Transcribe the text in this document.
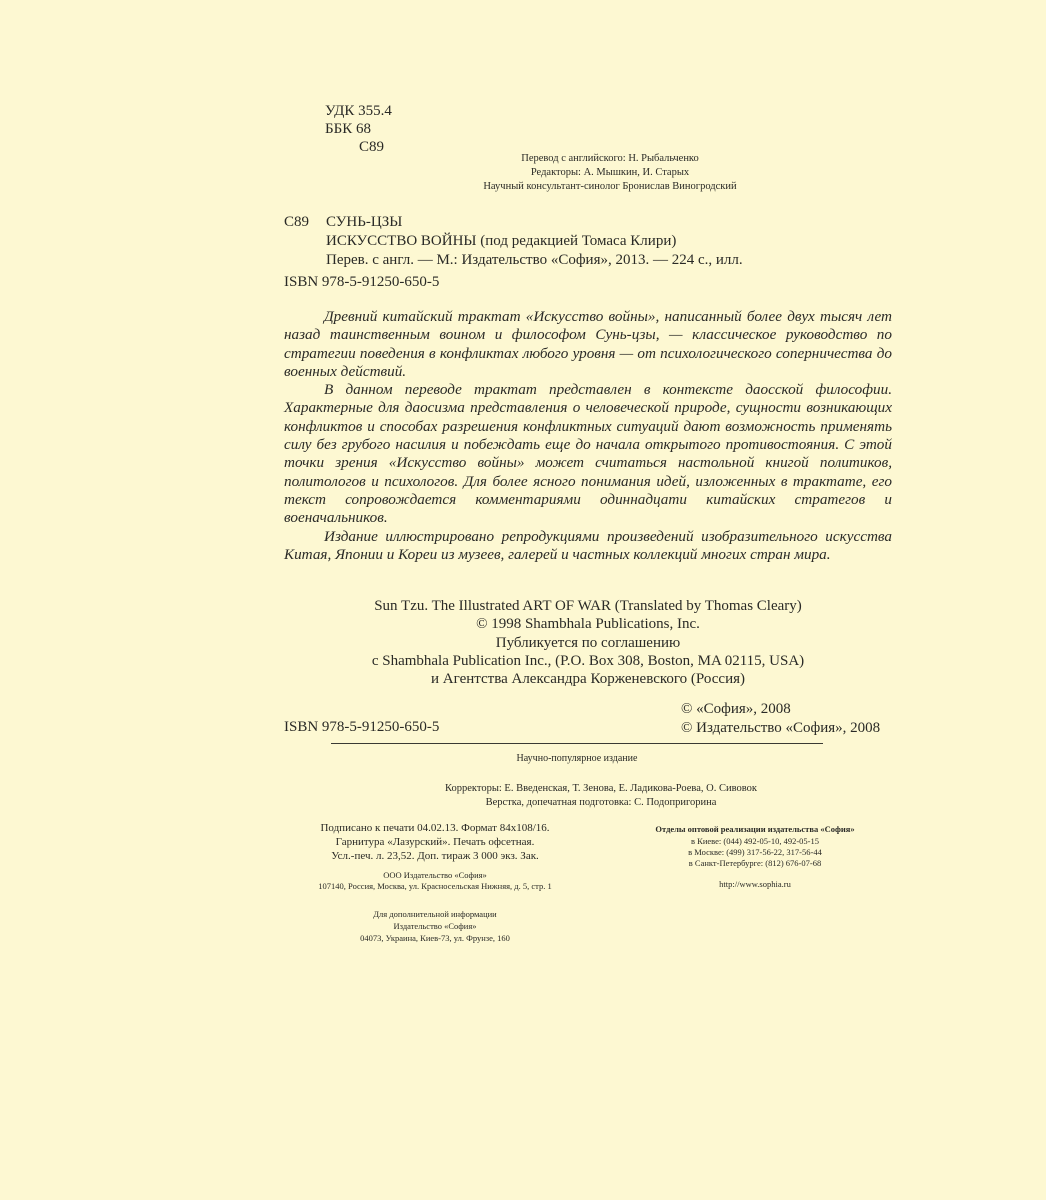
УДК 355.4
ББК 68
С89
Перевод с английского: Н. Рыбальченко
Редакторы: А. Мышкин, И. Старых
Научный консультант-синолог Бронислав Виногродский
С89 СУНЬ-ЦЗЫ
ИСКУССТВО ВОЙНЫ (под редакцией Томаса Клири)
Перев. с англ. — М.: Издательство «София», 2013. — 224 с., илл.
ISBN 978-5-91250-650-5

Древний китайский трактат «Искусство войны», написанный более двух тысяч лет назад таинственным воином и философом Сунь-цзы, — классическое руководство по стратегии поведения в конфликтах любого уровня — от психологического соперничества до военных действий.

В данном переводе трактат представлен в контексте даосской философии. Характерные для даосизма представления о человеческой природе, сущности возникающих конфликтов и способах разрешения конфликтных ситуаций дают возможность применять силу без грубого насилия и побеждать еще до начала открытого противостояния. С этой точки зрения «Искусство войны» может считаться настольной книгой политиков, политологов и психологов. Для более ясного понимания идей, изложенных в трактате, его текст сопровождается комментариями одиннадцати китайских стратегов и военачальников.

Издание иллюстрировано репродукциями произведений изобразительного искусства Китая, Японии и Кореи из музеев, галерей и частных коллекций многих стран мира.

Sun Tzu. The Illustrated ART OF WAR (Translated by Thomas Cleary)
© 1998 Shambhala Publications, Inc.
Публикуется по соглашению
с Shambhala Publication Inc., (P.O. Box 308, Boston, MA 02115, USA)
и Агентства Александра Корженевского (Россия)
© «София», 2008
© Издательство «София», 2008
ISBN 978-5-91250-650-5
Научно-популярное издание
Корректоры: Е. Введенская, Т. Зенова, Е. Ладикова-Роева, О. Сивовок
Верстка, допечатная подготовка: С. Подопригорина
Подписано к печати 04.02.13. Формат 84x108/16.
Гарнитура «Лазурский». Печать офсетная.
Усл.-печ. л. 23,52. Доп. тираж 3 000 экз. Зак.
ООО Издательство «София»
107140, Россия, Москва, ул. Красносельская Нижняя, д. 5, стр. 1
Для дополнительной информации
Издательство «София»
04073, Украина, Киев-73, ул. Фрунзе, 160
Отделы оптовой реализации издательства «София»
в Киеве: (044) 492-05-10, 492-05-15
в Москве: (499) 317-56-22, 317-56-44
в Санкт-Петербурге: (812) 676-07-68
http://www.sophia.ru
